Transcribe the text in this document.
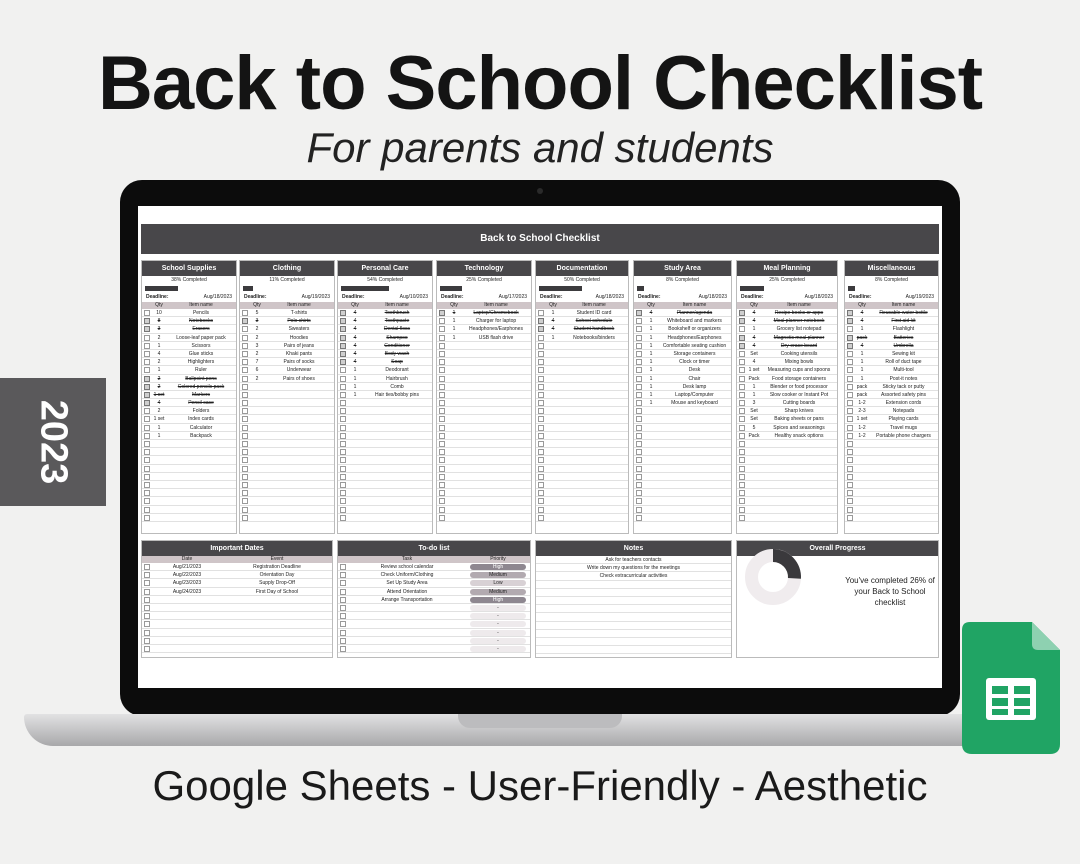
Back to School Checklist
For parents and students
2023
Back to School Checklist
School Supplies
38% Completed
Deadline:	Aug/18/2023
Qty	Item name
10	Pencils
8	Notebooks
3	Erasers
2	Loose-leaf paper pack
1	Scissors
4	Glue sticks
2	Highlighters
1	Ruler
2	Ballpoint pens
2	Colored pencils pack
1 set	Markers
4	Pencil case
2	Folders
1 set	Index cards
1	Calculator
1	Backpack
Clothing
11% Completed
Deadline:	Aug/19/2023
Qty	Item name
5	T-shirts
3	Polo shirts
2	Sweaters
2	Hoodies
3	Pairs of jeans
2	Khaki pants
7	Pairs of socks
6	Underwear
2	Pairs of shoes
Personal Care
54% Completed
Deadline:	Aug/10/2023
Qty	Item name
4	Toothbrush
4	Toothpaste
4	Dental floss
4	Shampoo
4	Conditioner
4	Body wash
4	Soap
1	Deodorant
1	Hairbrush
1	Comb
1	Hair ties/bobby pins
Technology
25% Completed
Deadline:	Aug/17/2023
Qty	Item name
1	Laptop/Chromebook
1	Charger for laptop
1	Headphones/Earphones
1	USB flash drive
Documentation
50% Completed
Deadline:	Aug/18/2023
Qty	Item name
1	Student ID card
4	School schedule
4	Student handbook
1	Notebooks/binders
Study Area
8% Completed
Deadline:	Aug/18/2023
Qty	Item name
4	Planner/agenda
1	Whiteboard and markers
1	Bookshelf or organizers
1	Headphones/Earphones
1	Comfortable seating cushion
1	Storage containers
1	Clock or timer
1	Desk
1	Chair
1	Desk lamp
1	Laptop/Computer
1	Mouse and keyboard
Meal Planning
25% Completed
Deadline:	Aug/18/2023
Qty	Item name
4	Recipe books or apps
4	Meal planner notebook
1	Grocery list notepad
4	Magnetic meal planner
4	Dry-erase board
Set	Cooking utensils
4	Mixing bowls
1 set	Measuring cups and spoons
Pack	Food storage containers
1	Blender or food processor
1	Slow cooker or Instant Pot
3	Cutting boards
Set	Sharp knives
Set	Baking sheets or pans
5	Spices and seasonings
Pack	Healthy snack options
Miscellaneous
8% Completed
Deadline:	Aug/19/2023
Qty	Item name
4	Reusable water bottle
4	First aid kit
1	Flashlight
pack	Batteries
4	Umbrella
1	Sewing kit
1	Roll of duct tape
1	Multi-tool
1	Post-it notes
pack	Sticky tack or putty
pack	Assorted safety pins
1-2	Extension cords
2-3	Notepads
1 set	Playing cards
1-2	Travel mugs
1-2	Portable phone chargers
Important Dates
Date	Event
Aug/21/2023	Registration Deadline
Aug/22/2023	Orientation Day
Aug/23/2023	Supply Drop-Off
Aug/24/2023	First Day of School
To-do list
Task	Priority
Review school calendar	High
Check Uniform/Clothing	Medium
Set Up Study Area	Low
Attend Orientation	Medium
Arrange Transportation	High
-
-
-
-
-
-
Notes
Ask for teachers contacts
Write down my questions for the meetings
Check extracurricular activities
Overall Progress
You've completed 26% of your Back to School checklist
Google Sheets - User-Friendly - Aesthetic
